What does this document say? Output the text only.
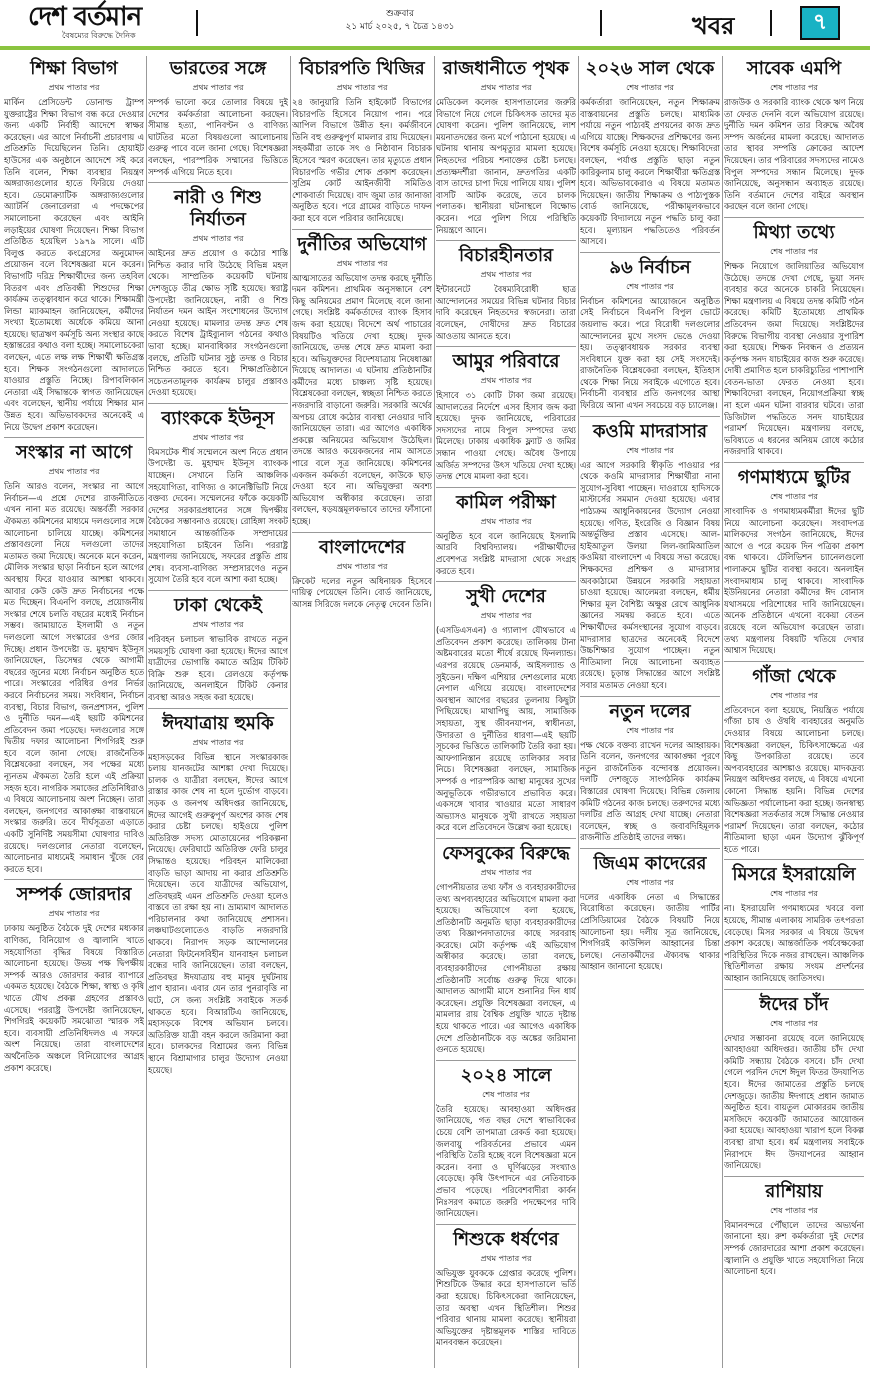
দেশ বর্তমান
বৈষম্যের বিরুদ্ধে দৈনিক
শুক্রবার
২১ মার্চ ২০২৫, ৭ চৈত্র ১৪৩১	খবর	৭
শিক্ষা বিভাগ
প্রথম পাতার পর
মার্কিন প্রেসিডেন্ট ডোনাল্ড ট্রাম্প যুক্তরাষ্ট্রের শিক্ষা বিভাগ বন্ধ করে দেওয়ার জন্য একটি নির্বাহী আদেশে স্বাক্ষর করেছেন। এর আগে নির্বাচনী প্রচারণায় এ প্রতিশ্রুতি দিয়েছিলেন তিনি। হোয়াইট হাউসের এক অনুষ্ঠানে আদেশে সই করে তিনি বলেন, শিক্ষা ব্যবস্থার নিয়ন্ত্রণ অঙ্গরাজ্যগুলোর হাতে ফিরিয়ে দেওয়া হবে। ডেমোক্র্যাটিক অঙ্গরাজ্যগুলোর অ্যাটর্নি জেনারেলরা এ পদক্ষেপের সমালোচনা করেছেন এবং আইনি লড়াইয়ের ঘোষণা দিয়েছেন। শিক্ষা বিভাগ প্রতিষ্ঠিত হয়েছিল ১৯৭৯ সালে। এটি বিলুপ্ত করতে কংগ্রেসের অনুমোদন প্রয়োজন বলে বিশেষজ্ঞরা মনে করেন। বিভাগটি দরিদ্র শিক্ষার্থীদের জন্য তহবিল বিতরণ এবং প্রতিবন্ধী শিশুদের শিক্ষা কার্যক্রম তত্ত্বাবধান করে থাকে। শিক্ষামন্ত্রী লিন্ডা ম্যাকমাহন জানিয়েছেন, কর্মীদের সংখ্যা ইতোমধ্যে অর্ধেকে কমিয়ে আনা হয়েছে। ছাত্রঋণ কর্মসূচি অন্য সংস্থার কাছে হস্তান্তরের কথাও বলা হচ্ছে। সমালোচকেরা বলছেন, এতে লক্ষ লক্ষ শিক্ষার্থী ক্ষতিগ্রস্ত হবে। শিক্ষক সংগঠনগুলো আদালতে যাওয়ার প্রস্তুতি নিচ্ছে। রিপাবলিকান নেতারা এই সিদ্ধান্তকে স্বাগত জানিয়েছেন এবং বলেছেন, স্থানীয় পর্যায়ে শিক্ষার মান উন্নত হবে। অভিভাবকদের অনেকেই এ নিয়ে উদ্বেগ প্রকাশ করেছেন।
সংস্কার না আগে
প্রথম পাতার পর
তিনি আরও বলেন, সংস্কার না আগে নির্বাচন—এ প্রশ্নে দেশের রাজনীতিতে এখন নানা মত রয়েছে। অন্তর্বর্তী সরকার ঐকমত্য কমিশনের মাধ্যমে দলগুলোর সঙ্গে আলোচনা চালিয়ে যাচ্ছে। কমিশনের প্রস্তাবগুলো নিয়ে দলগুলো তাদের মতামত জমা দিয়েছে। অনেকে মনে করেন, মৌলিক সংস্কার ছাড়া নির্বাচন হলে আগের অবস্থায় ফিরে যাওয়ার আশঙ্কা থাকবে। আবার কেউ কেউ দ্রুত নির্বাচনের পক্ষে মত দিচ্ছেন। বিএনপি বলছে, প্রয়োজনীয় সংস্কার শেষে চলতি বছরের মধ্যেই নির্বাচন সম্ভব। জামায়াতে ইসলামী ও নতুন দলগুলো আগে সংস্কারের ওপর জোর দিচ্ছে। প্রধান উপদেষ্টা ড. মুহাম্মদ ইউনূস জানিয়েছেন, ডিসেম্বর থেকে আগামী বছরের জুনের মধ্যে নির্বাচন অনুষ্ঠিত হতে পারে। সংস্কারের পরিধির ওপর নির্ভর করবে নির্বাচনের সময়। সংবিধান, নির্বাচন ব্যবস্থা, বিচার বিভাগ, জনপ্রশাসন, পুলিশ ও দুর্নীতি দমন—এই ছয়টি কমিশনের প্রতিবেদন জমা পড়েছে। দলগুলোর সঙ্গে দ্বিতীয় দফার আলোচনা শিগগিরই শুরু হবে বলে জানা গেছে। রাজনৈতিক বিশ্লেষকেরা বলছেন, সব পক্ষের মধ্যে ন্যূনতম ঐকমত্য তৈরি হলে এই প্রক্রিয়া সহজ হবে। নাগরিক সমাজের প্রতিনিধিরাও এ বিষয়ে আলোচনায় অংশ নিচ্ছেন। তারা বলছেন, জনগণের আকাঙ্ক্ষা বাস্তবায়নে সংস্কার জরুরি। তবে দীর্ঘসূত্রতা এড়াতে একটি সুনির্দিষ্ট সময়সীমা ঘোষণার দাবিও রয়েছে। দলগুলোর নেতারা বলেছেন, আলোচনার মাধ্যমেই সমাধান খুঁজে বের করতে হবে।
সম্পর্ক জোরদার
প্রথম পাতার পর
ঢাকায় অনুষ্ঠিত বৈঠকে দুই দেশের মধ্যকার বাণিজ্য, বিনিয়োগ ও জ্বালানি খাতে সহযোগিতা বৃদ্ধির বিষয়ে বিস্তারিত আলোচনা হয়েছে। উভয় পক্ষ দ্বিপক্ষীয় সম্পর্ক আরও জোরদার করার ব্যাপারে একমত হয়েছে। বৈঠকে শিক্ষা, স্বাস্থ্য ও কৃষি খাতে যৌথ প্রকল্প গ্রহণের প্রস্তাবও এসেছে। পররাষ্ট্র উপদেষ্টা জানিয়েছেন, শিগগিরই কয়েকটি সমঝোতা স্মারক সই হবে। ব্যবসায়ী প্রতিনিধিদলও এ সফরে অংশ নিয়েছে। তারা বাংলাদেশের অর্থনৈতিক অঞ্চলে বিনিয়োগের আগ্রহ প্রকাশ করেছে।
ভারতের সঙ্গে
প্রথম পাতার পর
সম্পর্ক ভালো করে তোলার বিষয়ে দুই দেশের কর্মকর্তারা আলোচনা করছেন। সীমান্ত হত্যা, পানিবণ্টন ও বাণিজ্য ঘাটতির মতো বিষয়গুলো আলোচনায় গুরুত্ব পাবে বলে জানা গেছে। বিশেষজ্ঞরা বলছেন, পারস্পরিক সম্মানের ভিত্তিতে সম্পর্ক এগিয়ে নিতে হবে।
নারী ও শিশু নির্যাতন
প্রথম পাতার পর
আইনের দ্রুত প্রয়োগ ও কঠোর শাস্তি নিশ্চিত করার দাবি উঠেছে বিভিন্ন মহল থেকে। সাম্প্রতিক কয়েকটি ঘটনায় দেশজুড়ে তীব্র ক্ষোভ সৃষ্টি হয়েছে। স্বরাষ্ট্র উপদেষ্টা জানিয়েছেন, নারী ও শিশু নির্যাতন দমন আইন সংশোধনের উদ্যোগ নেওয়া হয়েছে। মামলার তদন্ত দ্রুত শেষ করতে বিশেষ ট্রাইব্যুনাল গঠনের কথাও ভাবা হচ্ছে। মানবাধিকার সংগঠনগুলো বলছে, প্রতিটি ঘটনার সুষ্ঠু তদন্ত ও বিচার নিশ্চিত করতে হবে। শিক্ষাপ্রতিষ্ঠানে সচেতনতামূলক কার্যক্রম চালুর প্রস্তাবও দেওয়া হয়েছে।
ব্যাংককে ইউনূস
প্রথম পাতার পর
বিমসটেক শীর্ষ সম্মেলনে অংশ নিতে প্রধান উপদেষ্টা ড. মুহাম্মদ ইউনূস ব্যাংকক যাচ্ছেন। সেখানে তিনি আঞ্চলিক সহযোগিতা, বাণিজ্য ও কানেক্টিভিটি নিয়ে বক্তব্য দেবেন। সম্মেলনের ফাঁকে কয়েকটি দেশের সরকারপ্রধানের সঙ্গে দ্বিপক্ষীয় বৈঠকের সম্ভাবনাও রয়েছে। রোহিঙ্গা সংকট সমাধানে আন্তর্জাতিক সম্প্রদায়ের সহযোগিতা চাইবেন তিনি। পররাষ্ট্র মন্ত্রণালয় জানিয়েছে, সফরের প্রস্তুতি প্রায় শেষ। ব্যবসা-বাণিজ্য সম্প্রসারণেও নতুন সুযোগ তৈরি হবে বলে আশা করা হচ্ছে।
ঢাকা থেকেই
প্রথম পাতার পর
পরিবহন চলাচল স্বাভাবিক রাখতে নতুন সময়সূচি ঘোষণা করা হয়েছে। ঈদের আগে যাত্রীদের ভোগান্তি কমাতে অগ্রিম টিকিট বিক্রি শুরু হবে। রেলওয়ে কর্তৃপক্ষ জানিয়েছে, অনলাইনে টিকিট কেনার ব্যবস্থা আরও সহজ করা হয়েছে।
ঈদযাত্রায় হুমকি
প্রথম পাতার পর
মহাসড়কের বিভিন্ন স্থানে সংস্কারকাজ চলায় যানজটের আশঙ্কা দেখা দিয়েছে। চালক ও যাত্রীরা বলছেন, ঈদের আগে রাস্তার কাজ শেষ না হলে দুর্ভোগ বাড়বে। সড়ক ও জনপথ অধিদপ্তর জানিয়েছে, ঈদের আগেই গুরুত্বপূর্ণ অংশের কাজ শেষ করার চেষ্টা চলছে। হাইওয়ে পুলিশ অতিরিক্ত সদস্য মোতায়েনের পরিকল্পনা নিয়েছে। ফেরিঘাটে অতিরিক্ত ফেরি চালুর সিদ্ধান্তও হয়েছে। পরিবহন মালিকেরা বাড়তি ভাড়া আদায় না করার প্রতিশ্রুতি দিয়েছেন। তবে যাত্রীদের অভিযোগ, প্রতিবছরই এমন প্রতিশ্রুতি দেওয়া হলেও বাস্তবে তা রক্ষা হয় না। ভ্রাম্যমাণ আদালত পরিচালনার কথা জানিয়েছে প্রশাসন। লঞ্চঘাটগুলোতেও বাড়তি নজরদারি থাকবে। নিরাপদ সড়ক আন্দোলনের নেতারা ফিটনেসবিহীন যানবাহন চলাচল বন্ধের দাবি জানিয়েছেন। তারা বলছেন, প্রতিবছর ঈদযাত্রায় বহু মানুষ দুর্ঘটনায় প্রাণ হারান। এবার যেন তার পুনরাবৃত্তি না ঘটে, সে জন্য সংশ্লিষ্ট সবাইকে সতর্ক থাকতে হবে। বিআরটিএ জানিয়েছে, মহাসড়কে বিশেষ অভিযান চলবে। অতিরিক্ত যাত্রী বহন করলে জরিমানা করা হবে। চালকদের বিশ্রামের জন্য বিভিন্ন স্থানে বিশ্রামাগার চালুর উদ্যোগ নেওয়া হয়েছে।
বিচারপতি খিজির
প্রথম পাতার পর
২৪ জানুয়ারি তিনি হাইকোর্ট বিভাগের বিচারপতি হিসেবে নিয়োগ পান। পরে আপিল বিভাগে উন্নীত হন। কর্মজীবনে তিনি বহু গুরুত্বপূর্ণ মামলার রায় দিয়েছেন। সহকর্মীরা তাকে সৎ ও নিষ্ঠাবান বিচারক হিসেবে স্মরণ করেছেন। তার মৃত্যুতে প্রধান বিচারপতি গভীর শোক প্রকাশ করেছেন। সুপ্রিম কোর্ট আইনজীবী সমিতিও শোকবার্তা দিয়েছে। বাদ জুমা তার জানাজা অনুষ্ঠিত হবে। পরে গ্রামের বাড়িতে দাফন করা হবে বলে পরিবার জানিয়েছে।
দুর্নীতির অভিযোগ
প্রথম পাতার পর
আত্মসাতের অভিযোগ তদন্ত করছে দুর্নীতি দমন কমিশন। প্রাথমিক অনুসন্ধানে বেশ কিছু অনিয়মের প্রমাণ মিলেছে বলে জানা গেছে। সংশ্লিষ্ট কর্মকর্তাদের ব্যাংক হিসাব জব্দ করা হয়েছে। বিদেশে অর্থ পাচারের বিষয়টিও খতিয়ে দেখা হচ্ছে। দুদক জানিয়েছে, তদন্ত শেষে দ্রুত মামলা করা হবে। অভিযুক্তদের বিদেশযাত্রায় নিষেধাজ্ঞা দিয়েছে আদালত। এ ঘটনায় প্রতিষ্ঠানটির কর্মীদের মধ্যে চাঞ্চল্য সৃষ্টি হয়েছে। বিশ্লেষকেরা বলছেন, স্বচ্ছতা নিশ্চিত করতে নজরদারি বাড়ানো জরুরি। সরকারি অর্থের অপচয় রোধে কঠোর ব্যবস্থা নেওয়ার দাবি জানিয়েছেন তারা। এর আগেও একাধিক প্রকল্পে অনিয়মের অভিযোগ উঠেছিল। তদন্তে আরও কয়েকজনের নাম আসতে পারে বলে সূত্র জানিয়েছে। কমিশনের একজন কর্মকর্তা বলেছেন, কাউকে ছাড় দেওয়া হবে না। অভিযুক্তরা অবশ্য অভিযোগ অস্বীকার করেছেন। তারা বলছেন, ষড়যন্ত্রমূলকভাবে তাদের ফাঁসানো হচ্ছে।
বাংলাদেশের
প্রথম পাতার পর
ক্রিকেট দলের নতুন অধিনায়ক হিসেবে দায়িত্ব পেয়েছেন তিনি। বোর্ড জানিয়েছে, আসন্ন সিরিজে দলকে নেতৃত্ব দেবেন তিনি।
রাজধানীতে পৃথক
প্রথম পাতার পর
মেডিকেল কলেজ হাসপাতালের জরুরি বিভাগে নিয়ে গেলে চিকিৎসক তাদের মৃত ঘোষণা করেন। পুলিশ জানিয়েছে, লাশ ময়নাতদন্তের জন্য মর্গে পাঠানো হয়েছে। এ ঘটনায় থানায় অপমৃত্যুর মামলা হয়েছে। নিহতদের পরিচয় শনাক্তের চেষ্টা চলছে। প্রত্যক্ষদর্শীরা জানান, দ্রুতগতির একটি বাস তাদের চাপা দিয়ে পালিয়ে যায়। পুলিশ বাসটি আটক করেছে, তবে চালক পলাতক। স্থানীয়রা ঘটনাস্থলে বিক্ষোভ করেন। পরে পুলিশ গিয়ে পরিস্থিতি নিয়ন্ত্রণে আনে।
বিচারহীনতার
প্রথম পাতার পর
ইন্টারনেটে বৈষম্যবিরোধী ছাত্র আন্দোলনের সময়ের বিভিন্ন ঘটনার বিচার দাবি করেছেন নিহতদের স্বজনেরা। তারা বলেছেন, দোষীদের দ্রুত বিচারের আওতায় আনতে হবে।
আমুর পরিবারে
প্রথম পাতার পর
হিসাবে ৩১ কোটি টাকা জমা রয়েছে। আদালতের নির্দেশে এসব হিসাব জব্দ করা হয়েছে। দুদক জানিয়েছে, পরিবারের সদস্যদের নামে বিপুল সম্পদের তথ্য মিলেছে। ঢাকায় একাধিক ফ্ল্যাট ও জমির সন্ধান পাওয়া গেছে। অবৈধ উপায়ে অর্জিত সম্পদের উৎস খতিয়ে দেখা হচ্ছে। তদন্ত শেষে মামলা করা হবে।
কামিল পরীক্ষা
প্রথম পাতার পর
অনুষ্ঠিত হবে বলে জানিয়েছে ইসলামি আরবি বিশ্ববিদ্যালয়। পরীক্ষার্থীদের প্রবেশপত্র সংশ্লিষ্ট মাদরাসা থেকে সংগ্রহ করতে হবে।
সুখী দেশের
প্রথম পাতার পর
(এসডিএসএন) ও গ্যালাপ যৌথভাবে এ প্রতিবেদন প্রকাশ করেছে। তালিকায় টানা অষ্টমবারের মতো শীর্ষে রয়েছে ফিনল্যান্ড। এরপর রয়েছে ডেনমার্ক, আইসল্যান্ড ও সুইডেন। দক্ষিণ এশিয়ার দেশগুলোর মধ্যে নেপাল এগিয়ে রয়েছে। বাংলাদেশের অবস্থান আগের বছরের তুলনায় কিছুটা পিছিয়েছে। মাথাপিছু আয়, সামাজিক সহায়তা, সুস্থ জীবনযাপন, স্বাধীনতা, উদারতা ও দুর্নীতির ধারণা—এই ছয়টি সূচকের ভিত্তিতে তালিকাটি তৈরি করা হয়। আফগানিস্তান রয়েছে তালিকার সবার নিচে। বিশেষজ্ঞরা বলছেন, সামাজিক সম্পর্ক ও পারস্পরিক আস্থা মানুষের সুখের অনুভূতিকে গভীরভাবে প্রভাবিত করে। একসঙ্গে খাবার খাওয়ার মতো সাধারণ অভ্যাসও মানুষকে সুখী রাখতে সহায়তা করে বলে প্রতিবেদনে উল্লেখ করা হয়েছে।
ফেসবুকের বিরুদ্ধে
প্রথম পাতার পর
গোপনীয়তার তথ্য ফাঁস ও ব্যবহারকারীদের তথ্য অপব্যবহারের অভিযোগে মামলা করা হয়েছে। অভিযোগে বলা হয়েছে, প্রতিষ্ঠানটি অনুমতি ছাড়া ব্যবহারকারীদের তথ্য বিজ্ঞাপনদাতাদের কাছে সরবরাহ করেছে। মেটা কর্তৃপক্ষ এই অভিযোগ অস্বীকার করেছে। তারা বলছে, ব্যবহারকারীদের গোপনীয়তা রক্ষায় প্রতিষ্ঠানটি সর্বোচ্চ গুরুত্ব দিয়ে থাকে। আদালত আগামী মাসে শুনানির দিন ধার্য করেছেন। প্রযুক্তি বিশেষজ্ঞরা বলছেন, এ মামলার রায় বৈশ্বিক প্রযুক্তি খাতে দৃষ্টান্ত হয়ে থাকতে পারে। এর আগেও একাধিক দেশে প্রতিষ্ঠানটিকে বড় অঙ্কের জরিমানা গুনতে হয়েছে।
২০২৪ সালে
শেষ পাতার পর
তৈরি হয়েছে। আবহাওয়া অধিদপ্তর জানিয়েছে, গত বছর দেশে স্বাভাবিকের চেয়ে বেশি তাপমাত্রা রেকর্ড করা হয়েছে। জলবায়ু পরিবর্তনের প্রভাবে এমন পরিস্থিতি তৈরি হচ্ছে বলে বিশেষজ্ঞরা মনে করেন। বন্যা ও ঘূর্ণিঝড়ের সংখ্যাও বেড়েছে। কৃষি উৎপাদনে এর নেতিবাচক প্রভাব পড়েছে। পরিবেশবাদীরা কার্বন নিঃসরণ কমাতে জরুরি পদক্ষেপের দাবি জানিয়েছেন।
শিশুকে ধর্ষণের
প্রথম পাতার পর
অভিযুক্ত যুবককে গ্রেপ্তার করেছে পুলিশ। শিশুটিকে উদ্ধার করে হাসপাতালে ভর্তি করা হয়েছে। চিকিৎসকেরা জানিয়েছেন, তার অবস্থা এখন স্থিতিশীল। শিশুর পরিবার থানায় মামলা করেছে। স্থানীয়রা অভিযুক্তের দৃষ্টান্তমূলক শাস্তির দাবিতে মানববন্ধন করেছেন।
২০২৬ সাল থেকে
শেষ পাতার পর
কর্মকর্তারা জানিয়েছেন, নতুন শিক্ষাক্রম বাস্তবায়নের প্রস্তুতি চলছে। মাধ্যমিক পর্যায়ে নতুন পাঠ্যবই প্রণয়নের কাজ দ্রুত এগিয়ে যাচ্ছে। শিক্ষকদের প্রশিক্ষণের জন্য বিশেষ কর্মসূচি নেওয়া হয়েছে। শিক্ষাবিদেরা বলছেন, পর্যাপ্ত প্রস্তুতি ছাড়া নতুন কারিকুলাম চালু করলে শিক্ষার্থীরা ক্ষতিগ্রস্ত হবে। অভিভাবকেরাও এ বিষয়ে মতামত দিয়েছেন। জাতীয় শিক্ষাক্রম ও পাঠ্যপুস্তক বোর্ড জানিয়েছে, পরীক্ষামূলকভাবে কয়েকটি বিদ্যালয়ে নতুন পদ্ধতি চালু করা হবে। মূল্যায়ন পদ্ধতিতেও পরিবর্তন আসবে।
৯৬ নির্বাচন
শেষ পাতার পর
নির্বাচন কমিশনের আয়োজনে অনুষ্ঠিত সেই নির্বাচনে বিএনপি বিপুল ভোটে জয়লাভ করে। পরে বিরোধী দলগুলোর আন্দোলনের মুখে সংসদ ভেঙে দেওয়া হয়। তত্ত্বাবধায়ক সরকার ব্যবস্থা সংবিধানে যুক্ত করা হয় সেই সংসদেই। রাজনৈতিক বিশ্লেষকেরা বলছেন, ইতিহাস থেকে শিক্ষা নিয়ে সবাইকে এগোতে হবে। নির্বাচনী ব্যবস্থার প্রতি জনগণের আস্থা ফিরিয়ে আনা এখন সবচেয়ে বড় চ্যালেঞ্জ।
কওমি মাদরাসার
শেষ পাতার পর
এর আগে সরকারি স্বীকৃতি পাওয়ার পর থেকে কওমি মাদরাসার শিক্ষার্থীরা নানা সুযোগ-সুবিধা পাচ্ছেন। দাওরায়ে হাদিসকে মাস্টার্সের সমমান দেওয়া হয়েছে। এবার পাঠ্যক্রম আধুনিকায়নের উদ্যোগ নেওয়া হয়েছে। গণিত, ইংরেজি ও বিজ্ঞান বিষয় অন্তর্ভুক্তির প্রস্তাব এসেছে। আল-হাইআতুল উলয়া লিল-জামিআতিল কওমিয়া বাংলাদেশ এ বিষয়ে সভা করেছে। শিক্ষকদের প্রশিক্ষণ ও মাদরাসার অবকাঠামো উন্নয়নে সরকারি সহায়তা চাওয়া হয়েছে। আলেমরা বলছেন, ধর্মীয় শিক্ষার মূল বৈশিষ্ট্য অক্ষুণ্ণ রেখে আধুনিক জ্ঞানের সমন্বয় করতে হবে। এতে শিক্ষার্থীদের কর্মসংস্থানের সুযোগ বাড়বে। মাদরাসার ছাত্রদের অনেকেই বিদেশে উচ্চশিক্ষার সুযোগ পাচ্ছেন। নতুন নীতিমালা নিয়ে আলোচনা অব্যাহত রয়েছে। চূড়ান্ত সিদ্ধান্তের আগে সংশ্লিষ্ট সবার মতামত নেওয়া হবে।
নতুন দলের
শেষ পাতার পর
পক্ষ থেকে বক্তব্য রাখেন দলের আহ্বায়ক। তিনি বলেন, জনগণের আকাঙ্ক্ষা পূরণে নতুন রাজনৈতিক বন্দোবস্ত প্রয়োজন। দলটি দেশজুড়ে সাংগঠনিক কার্যক্রম বিস্তারের ঘোষণা দিয়েছে। বিভিন্ন জেলায় কমিটি গঠনের কাজ চলছে। তরুণদের মধ্যে দলটির প্রতি আগ্রহ দেখা যাচ্ছে। নেতারা বলেছেন, স্বচ্ছ ও জবাবদিহিমূলক রাজনীতি প্রতিষ্ঠাই তাদের লক্ষ্য।
জিএম কাদেরের
শেষ পাতার পর
দলের একাধিক নেতা এ সিদ্ধান্তের বিরোধিতা করেছেন। জাতীয় পার্টির প্রেসিডিয়ামের বৈঠকে বিষয়টি নিয়ে আলোচনা হয়। দলীয় সূত্র জানিয়েছে, শিগগিরই কাউন্সিল আহ্বানের চিন্তা চলছে। নেতাকর্মীদের ঐক্যবদ্ধ থাকার আহ্বান জানানো হয়েছে।
সাবেক এমপি
শেষ পাতার পর
রাজউক ও সরকারি ব্যাংক থেকে ঋণ নিয়ে তা ফেরত দেননি বলে অভিযোগ রয়েছে। দুর্নীতি দমন কমিশন তার বিরুদ্ধে অবৈধ সম্পদ অর্জনের মামলা করেছে। আদালত তার স্থাবর সম্পত্তি ক্রোকের আদেশ দিয়েছেন। তার পরিবারের সদস্যদের নামেও বিপুল সম্পদের সন্ধান মিলেছে। দুদক জানিয়েছে, অনুসন্ধান অব্যাহত রয়েছে। তিনি বর্তমানে দেশের বাইরে অবস্থান করছেন বলে জানা গেছে।
মিথ্যা তথ্যে
শেষ পাতার পর
শিক্ষক নিয়োগে জালিয়াতির অভিযোগ উঠেছে। তদন্তে দেখা গেছে, ভুয়া সনদ ব্যবহার করে অনেকে চাকরি নিয়েছেন। শিক্ষা মন্ত্রণালয় এ বিষয়ে তদন্ত কমিটি গঠন করেছে। কমিটি ইতোমধ্যে প্রাথমিক প্রতিবেদন জমা দিয়েছে। সংশ্লিষ্টদের বিরুদ্ধে বিভাগীয় ব্যবস্থা নেওয়ার সুপারিশ করা হয়েছে। শিক্ষক নিবন্ধন ও প্রত্যয়ন কর্তৃপক্ষ সনদ যাচাইয়ের কাজ শুরু করেছে। দোষী প্রমাণিত হলে চাকরিচ্যুতির পাশাপাশি বেতন-ভাতা ফেরত নেওয়া হবে। শিক্ষাবিদেরা বলছেন, নিয়োগপ্রক্রিয়া স্বচ্ছ না হলে এমন ঘটনা বারবার ঘটবে। তারা ডিজিটাল পদ্ধতিতে সনদ যাচাইয়ের পরামর্শ দিয়েছেন। মন্ত্রণালয় বলছে, ভবিষ্যতে এ ধরনের অনিয়ম রোধে কঠোর নজরদারি থাকবে।
গণমাধ্যমে ছুটির
শেষ পাতার পর
সাংবাদিক ও গণমাধ্যমকর্মীরা ঈদের ছুটি নিয়ে আলোচনা করেছেন। সংবাদপত্র মালিকদের সংগঠন জানিয়েছে, ঈদের আগে ও পরে কয়েক দিন পত্রিকা প্রকাশ বন্ধ থাকবে। টেলিভিশন চ্যানেলগুলো পালাক্রমে ছুটির ব্যবস্থা করবে। অনলাইন সংবাদমাধ্যম চালু থাকবে। সাংবাদিক ইউনিয়নের নেতারা কর্মীদের ঈদ বোনাস যথাসময়ে পরিশোধের দাবি জানিয়েছেন। অনেক প্রতিষ্ঠানে এখনো বকেয়া বেতন রয়েছে বলে অভিযোগ করেছেন তারা। তথ্য মন্ত্রণালয় বিষয়টি খতিয়ে দেখার আশ্বাস দিয়েছে।
গাঁজা থেকে
শেষ পাতার পর
প্রতিবেদনে বলা হয়েছে, নিয়ন্ত্রিত পর্যায়ে গাঁজা চাষ ও ঔষধি ব্যবহারের অনুমতি দেওয়ার বিষয়ে আলোচনা চলছে। বিশেষজ্ঞরা বলছেন, চিকিৎসাক্ষেত্রে এর কিছু উপকারিতা রয়েছে। তবে অপব্যবহারের আশঙ্কাও রয়েছে। মাদকদ্রব্য নিয়ন্ত্রণ অধিদপ্তর বলছে, এ বিষয়ে এখনো কোনো সিদ্ধান্ত হয়নি। বিভিন্ন দেশের অভিজ্ঞতা পর্যালোচনা করা হচ্ছে। জনস্বাস্থ্য বিশেষজ্ঞরা সতর্কতার সঙ্গে সিদ্ধান্ত নেওয়ার পরামর্শ দিয়েছেন। তারা বলছেন, কঠোর নীতিমালা ছাড়া এমন উদ্যোগ ঝুঁকিপূর্ণ হতে পারে।
মিসরে ইসরায়েলি
শেষ পাতার পর
না। ইসরায়েলি গণমাধ্যমের খবরে বলা হয়েছে, সীমান্ত এলাকায় সামরিক তৎপরতা বেড়েছে। মিসর সরকার এ বিষয়ে উদ্বেগ প্রকাশ করেছে। আন্তর্জাতিক পর্যবেক্ষকেরা পরিস্থিতির দিকে নজর রাখছেন। আঞ্চলিক স্থিতিশীলতা রক্ষায় সংযম প্রদর্শনের আহ্বান জানিয়েছে জাতিসংঘ।
ঈদের চাঁদ
শেষ পাতার পর
দেখার সম্ভাবনা রয়েছে বলে জানিয়েছে আবহাওয়া অধিদপ্তর। জাতীয় চাঁদ দেখা কমিটি সন্ধ্যায় বৈঠকে বসবে। চাঁদ দেখা গেলে পরদিন দেশে ঈদুল ফিতর উদযাপিত হবে। ঈদের জামাতের প্রস্তুতি চলছে দেশজুড়ে। জাতীয় ঈদগাহে প্রধান জামাত অনুষ্ঠিত হবে। বায়তুল মোকাররম জাতীয় মসজিদে কয়েকটি জামাতের আয়োজন করা হয়েছে। আবহাওয়া খারাপ হলে বিকল্প ব্যবস্থা রাখা হবে। ধর্ম মন্ত্রণালয় সবাইকে নিরাপদে ঈদ উদযাপনের আহ্বান জানিয়েছে।
রাশিয়ায়
শেষ পাতার পর
বিমানবন্দরে পৌঁছালে তাদের অভ্যর্থনা জানানো হয়। রুশ কর্মকর্তারা দুই দেশের সম্পর্ক জোরদারের আশা প্রকাশ করেছেন। জ্বালানি ও প্রযুক্তি খাতে সহযোগিতা নিয়ে আলোচনা হবে।
